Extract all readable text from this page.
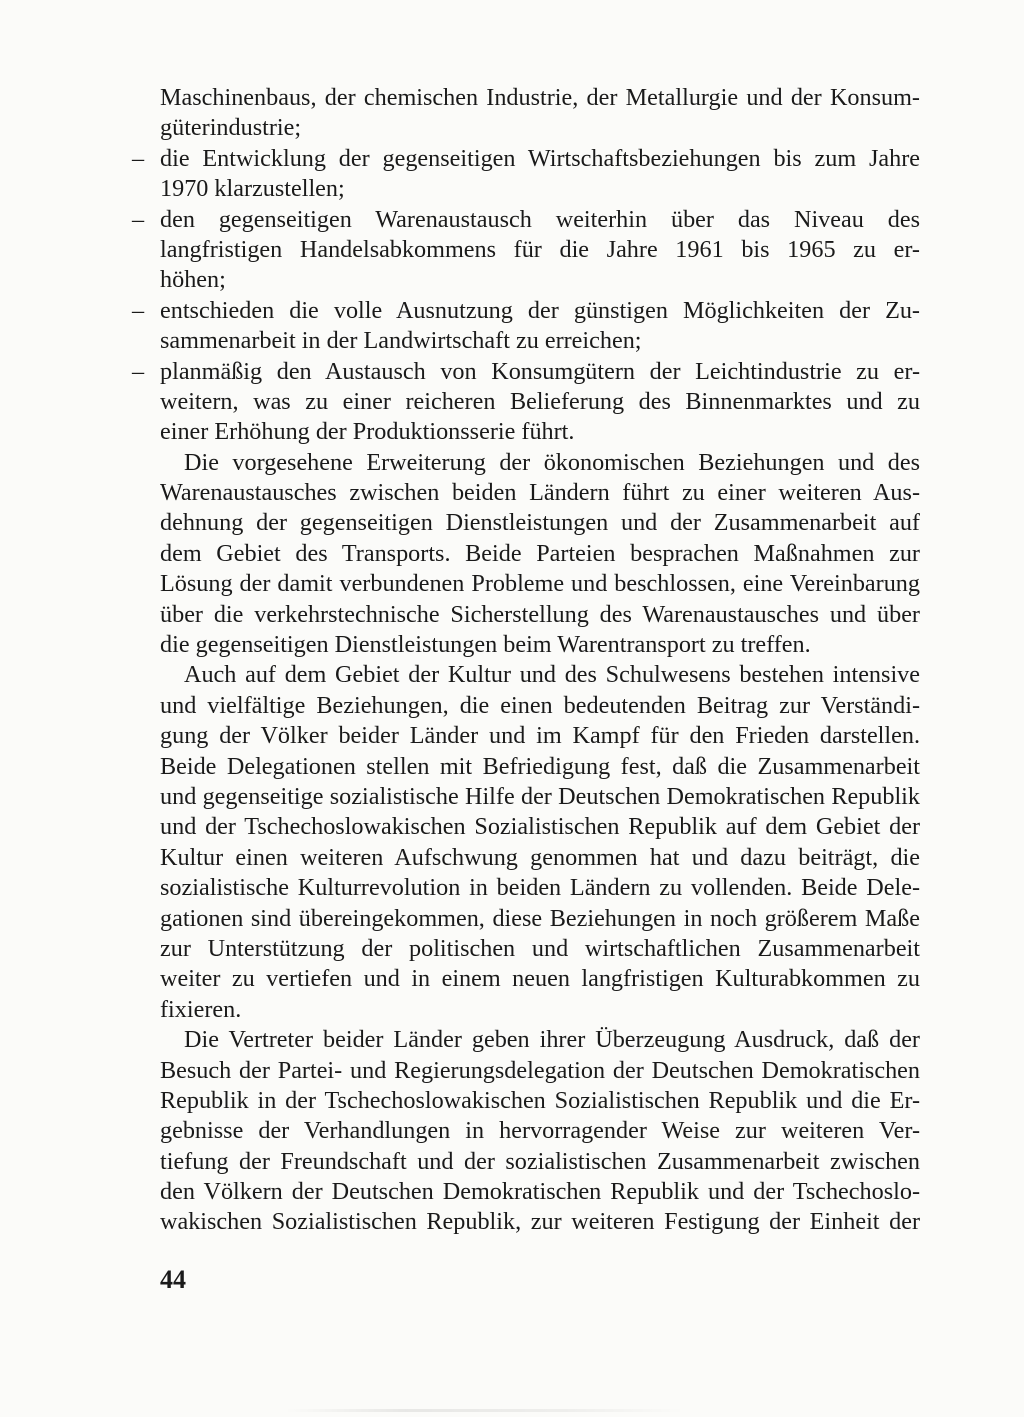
Maschinenbaus, der chemischen Industrie, der Metallurgie und der Konsum-
güterindustrie;
– die Entwicklung der gegenseitigen Wirtschaftsbeziehungen bis zum Jahre
1970 klarzustellen;
– den gegenseitigen Warenaustausch weiterhin über das Niveau des
langfristigen Handelsabkommens für die Jahre 1961 bis 1965 zu er-
höhen;
– entschieden die volle Ausnutzung der günstigen Möglichkeiten der Zu-
sammenarbeit in der Landwirtschaft zu erreichen;
– planmäßig den Austausch von Konsumgütern der Leichtindustrie zu er-
weitern, was zu einer reicheren Belieferung des Binnenmarktes und zu
einer Erhöhung der Produktionsserie führt.
Die vorgesehene Erweiterung der ökonomischen Beziehungen und des
Warenaustausches zwischen beiden Ländern führt zu einer weiteren Aus-
dehnung der gegenseitigen Dienstleistungen und der Zusammenarbeit auf
dem Gebiet des Transports. Beide Parteien besprachen Maßnahmen zur
Lösung der damit verbundenen Probleme und beschlossen, eine Vereinbarung
über die verkehrstechnische Sicherstellung des Warenaustausches und über
die gegenseitigen Dienstleistungen beim Warentransport zu treffen.
Auch auf dem Gebiet der Kultur und des Schulwesens bestehen intensive
und vielfältige Beziehungen, die einen bedeutenden Beitrag zur Verständi-
gung der Völker beider Länder und im Kampf für den Frieden darstellen.
Beide Delegationen stellen mit Befriedigung fest, daß die Zusammenarbeit
und gegenseitige sozialistische Hilfe der Deutschen Demokratischen Republik
und der Tschechoslowakischen Sozialistischen Republik auf dem Gebiet der
Kultur einen weiteren Aufschwung genommen hat und dazu beiträgt, die
sozialistische Kulturrevolution in beiden Ländern zu vollenden. Beide Dele-
gationen sind übereingekommen, diese Beziehungen in noch größerem Maße
zur Unterstützung der politischen und wirtschaftlichen Zusammenarbeit
weiter zu vertiefen und in einem neuen langfristigen Kulturabkommen zu
fixieren.
Die Vertreter beider Länder geben ihrer Überzeugung Ausdruck, daß der
Besuch der Partei- und Regierungsdelegation der Deutschen Demokratischen
Republik in der Tschechoslowakischen Sozialistischen Republik und die Er-
gebnisse der Verhandlungen in hervorragender Weise zur weiteren Ver-
tiefung der Freundschaft und der sozialistischen Zusammenarbeit zwischen
den Völkern der Deutschen Demokratischen Republik und der Tschechoslo-
wakischen Sozialistischen Republik, zur weiteren Festigung der Einheit der
44
